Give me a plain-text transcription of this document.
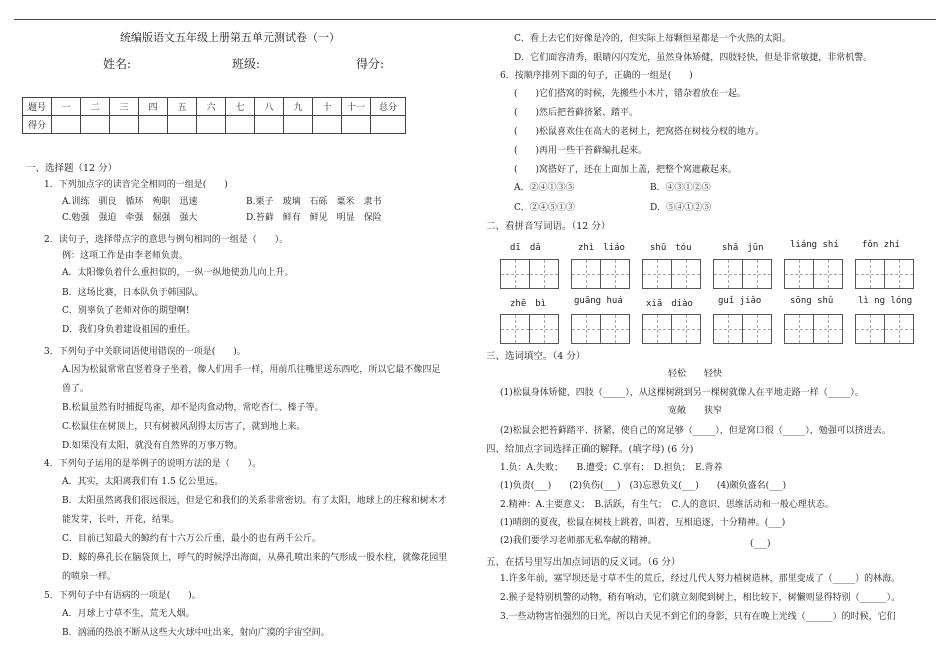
统编版语文五年级上册第五单元测试卷（一）
姓名:	班级:	得分:
题号	一	二	三	四	五	六	七	八	九	十	十一	总分
得分												
一、选择题（12 分）
1．下列加点字的读音完全相同的一组是(　　)
A.训练　驯良　循环　殉职　迅速	B.栗子　玻璃　石砾　粟米　隶书
C.勉强　强迫　牵强　倔强　强大	D.苔藓　鲜有　鲜见　明显　保险
2．读句子，选择带点字的意思与例句相同的一组是（　　）。
例：这项工作是由李老师负责。
A．太阳像负着什么重担似的，一纵一纵地使劲儿向上升。
B．这场比赛，日本队负于韩国队。
C．别辜负了老师对你的期望啊!
D．我们身负着建设祖国的重任。
3．下列句子中关联词语使用错误的一项是(　　)。
A.因为松鼠常常直竖着身子坐着，像人们用手一样，用前爪往嘴里送东西吃，所以它最不像四足
兽了。
B.松鼠虽然有时捕捉鸟雀，却不是肉食动物，常吃杏仁、榛子等。
C.松鼠住在树顶上，只有树被风刮得太厉害了，就到地上来。
D.如果没有太阳，就没有自然界的万事万物。
4．下列句子运用的是举例子的说明方法的是（　　）。
A．其实，太阳离我们有 1.5 亿公里远。
B．太阳虽然离我们很远很远，但是它和我们的关系非常密切。有了太阳，地球上的庄稼和树木才
能发芽，长叶，开花，结果。
C．目前已知最大的鲸约有十六万公斤重，最小的也有两千公斤。
D．鲸的鼻孔长在脑袋顶上，呼气的时候浮出海面，从鼻孔喷出来的气形成一股水柱，就像花园里
的喷泉一样。
5．下列句子中有语病的一项是(　　)。
A．月球上寸草不生，荒无人烟。
B．汹涌的热浪不断从这些大火球中吐出来，射向广漠的宇宙空间。
C．看上去它们好像是冷的，但实际上每颗恒星都是一个火热的太阳。
D．它们面容清秀，眼睛闪闪发光，虽然身体矫健，四肢轻快，但是非常敏捷，非常机警。
6．按顺序排列下面的句子，正确的一组是(　　)
(　　)它们搭窝的时候，先搬些小木片，错杂着放在一起。
(　　)然后把苔藓挤紧、踏平。
(　　)松鼠喜欢住在高大的老树上，把窝搭在树枝分杈的地方。
(　　)再用一些干苔藓编扎起来。
(　　)窝搭好了，还在上面加上盖，把整个窝遮蔽起来。
A．②④①③⑤	B．④③①②⑤
C．②④⑤①③	D．⑤④①②⑤
二、看拼音写词语。（12 分）
dī　dā	zhì　liáo	shū　tóu	shā　jūn	liáng shí	fǒn zhí
zhē　bì	guāng huá	xiā　diào	guǐ jiǎo	sōng shǔ	lì ng lóng
三、选词填空。（4 分）
轻松　　轻快
(1)松鼠身体矫健，四肢（_____），从这棵树跳到另一棵树就像人在平地走路一样（_____）。
宽敞　　狭窄
(2)松鼠会把苔藓踏平、挤紧，使自己的窝足够（_____），但是窝口很（_____），勉强可以挤进去。
四、给加点字词选择正确的解释。(填字母) (6 分)
1.负：A.失败；　　B.遭受；C.享有；　D.担负；　E.背养
(1)负责(___)　　(2)负伤(___)　(3)忘恩负义(___)　　(4)颇负盛名(___)
2.精神：A.主要意义；　B.活跃，有生气；　C.人的意识、思维活动和一般心理状态。
(1)晴朗的夏夜，松鼠在树枝上跳着，叫着，互相追逐，十分精神。(___)
(2)我们要学习老师那无私奉献的精神。	(___)
五、在括号里写出加点词语的反义词。（6 分）
1.许多年前，塞罕坝还是寸草不生的荒丘，经过几代人努力植树造林，那里变成了（_____）的林海。
2.猴子是特别机警的动物，稍有响动，它们就立刻爬到树上，相比较下，树懒则显得特别（______）。
3.一些动物害怕强烈的日光，所以白天见不到它们的身影，只有在晚上光线（______）的时候，它们
